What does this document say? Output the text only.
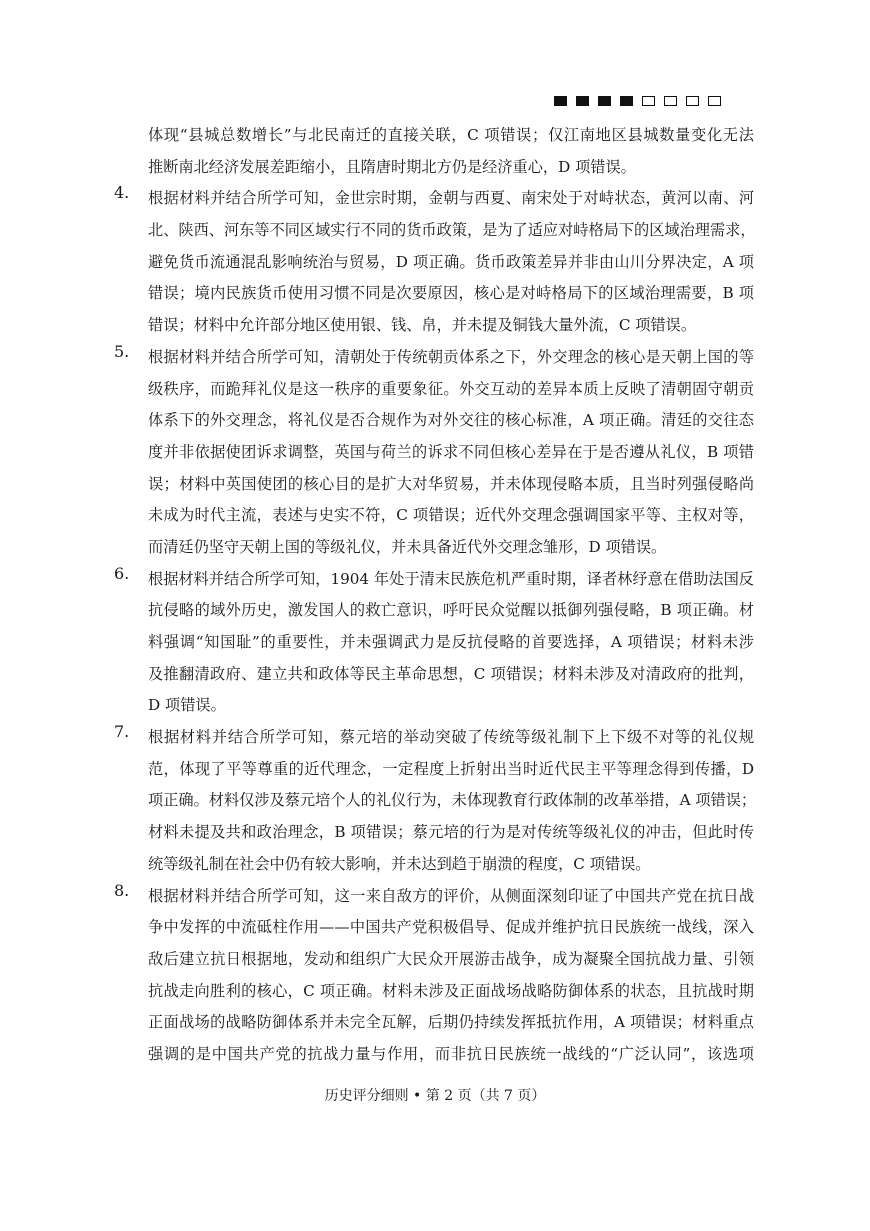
体现“县城总数增长”与北民南迁的直接关联，C 项错误；仅江南地区县城数量变化无法
推断南北经济发展差距缩小，且隋唐时期北方仍是经济重心，D 项错误。
4.	根据材料并结合所学可知，金世宗时期，金朝与西夏、南宋处于对峙状态，黄河以南、河
北、陕西、河东等不同区域实行不同的货币政策，是为了适应对峙格局下的区域治理需求，
避免货币流通混乱影响统治与贸易，D 项正确。货币政策差异并非由山川分界决定，A 项
错误；境内民族货币使用习惯不同是次要原因，核心是对峙格局下的区域治理需要，B 项
错误；材料中允许部分地区使用银、钱、帛，并未提及铜钱大量外流，C 项错误。
5.	根据材料并结合所学可知，清朝处于传统朝贡体系之下，外交理念的核心是天朝上国的等
级秩序，而跪拜礼仪是这一秩序的重要象征。外交互动的差异本质上反映了清朝固守朝贡
体系下的外交理念，将礼仪是否合规作为对外交往的核心标准，A 项正确。清廷的交往态
度并非依据使团诉求调整，英国与荷兰的诉求不同但核心差异在于是否遵从礼仪，B 项错
误；材料中英国使团的核心目的是扩大对华贸易，并未体现侵略本质，且当时列强侵略尚
未成为时代主流，表述与史实不符，C 项错误；近代外交理念强调国家平等、主权对等，
而清廷仍坚守天朝上国的等级礼仪，并未具备近代外交理念雏形，D 项错误。
6.	根据材料并结合所学可知，1904 年处于清末民族危机严重时期，译者林纾意在借助法国反
抗侵略的域外历史，激发国人的救亡意识，呼吁民众觉醒以抵御列强侵略，B 项正确。材
料强调“知国耻”的重要性，并未强调武力是反抗侵略的首要选择，A 项错误；材料未涉
及推翻清政府、建立共和政体等民主革命思想，C 项错误；材料未涉及对清政府的批判，
D 项错误。
7.	根据材料并结合所学可知，蔡元培的举动突破了传统等级礼制下上下级不对等的礼仪规
范，体现了平等尊重的近代理念，一定程度上折射出当时近代民主平等理念得到传播，D
项正确。材料仅涉及蔡元培个人的礼仪行为，未体现教育行政体制的改革举措，A 项错误；
材料未提及共和政治理念，B 项错误；蔡元培的行为是对传统等级礼仪的冲击，但此时传
统等级礼制在社会中仍有较大影响，并未达到趋于崩溃的程度，C 项错误。
8.	根据材料并结合所学可知，这一来自敌方的评价，从侧面深刻印证了中国共产党在抗日战
争中发挥的中流砥柱作用——中国共产党积极倡导、促成并维护抗日民族统一战线，深入
敌后建立抗日根据地，发动和组织广大民众开展游击战争，成为凝聚全国抗战力量、引领
抗战走向胜利的核心，C 项正确。材料未涉及正面战场战略防御体系的状态，且抗战时期
正面战场的战略防御体系并未完全瓦解，后期仍持续发挥抵抗作用，A 项错误；材料重点
强调的是中国共产党的抗战力量与作用，而非抗日民族统一战线的“广泛认同”，该选项
历史评分细则 • 第 2 页（共 7 页）
